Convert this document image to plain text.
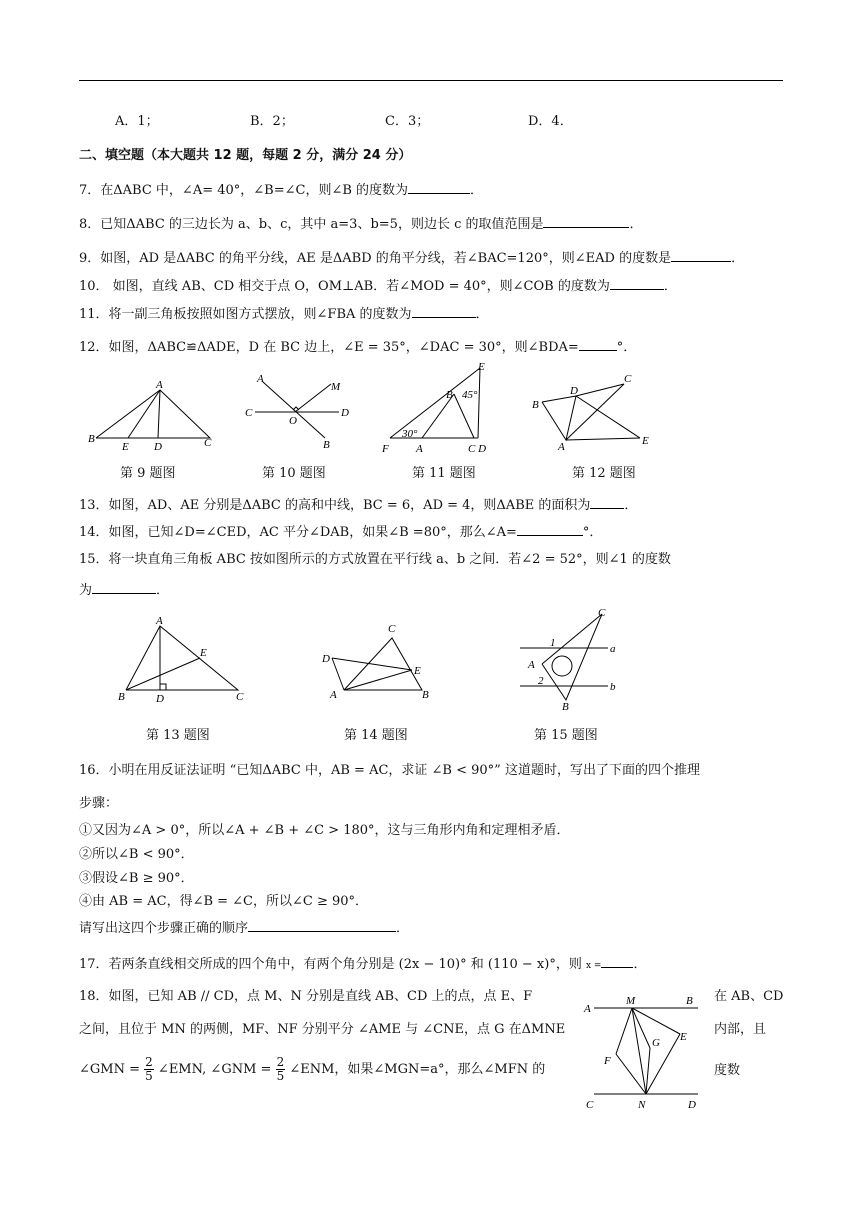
A．1；	B．2；	C．3；	D．4．
二、填空题（本大题共 12 题，每题 2 分，满分 24 分）
7．在ΔABC 中，∠A= 40°，∠B=∠C，则∠B 的度数为	．
8．已知ΔABC 的三边长为 a、b、c，其中 a=3、b=5，则边长 c 的取值范围是	．
9．如图，AD 是ΔABC 的角平分线，AE 是ΔABD 的角平分线，若∠BAC=120°，则∠EAD 的度数是	．
10． 如图，直线 AB、CD 相交于点 O，OM⊥AB．若∠MOD = 40°，则∠COB 的度数为	．
11．将一副三角板按照如图方式摆放，则∠FBA 的度数为	．
12．如图，ΔABC≌ΔADE，D 在 BC 边上，∠E = 35°，∠DAC = 30°，则∠BDA=	°．
A
B
E D	C
A
M
C
O
D
B
E
B 45°
30°
F A	C D
D
C
B
A	E
第 9 题图	第 10 题图	第 11 题图	第 12 题图
13．如图，AD、AE 分别是ΔABC 的高和中线，BC = 6，AD = 4，则ΔABE 的面积为	．
14．如图，已知∠D=∠CED，AC 平分∠DAB，如果∠B =80°，那么∠A=	°．
15．将一块直角三角板 ABC 按如图所示的方式放置在平行线 a、b 之间．若∠2 = 52°，则∠1 的度数
为	．
A
E
B	D	C
C
D
E
A	B
C
1	a
A
2	b
B
第 13 题图	第 14 题图	第 15 题图
16．小明在用反证法证明 “已知ΔABC 中，AB = AC，求证 ∠B < 90°” 这道题时，写出了下面的四个推理
步骤：
①又因为∠A > 0°，所以∠A + ∠B + ∠C > 180°，这与三角形内角和定理相矛盾．
②所以∠B < 90°．
③假设∠B ≥ 90°．
④由 AB = AC，得∠B = ∠C，所以∠C ≥ 90°．
请写出这四个步骤正确的顺序	．
17．若两条直线相交所成的四个角中，有两个角分别是 (2x − 10)° 和 (110 − x)°，则 x = ．
18．如图，已知 AB // CD，点 M、N 分别是直线 AB、CD 上的点，点 E、F	在 AB、CD
之间，且位于 MN 的两侧，MF、NF 分别平分 ∠AME 与 ∠CNE，点 G 在ΔMNE	内部，且
∠GMN = $\frac{2}{5}$ ∠EMN, ∠GNM = $\frac{2}{5}$ ∠ENM，如果∠MGN=a°，那么∠MFN 的	度数
A
M	B
G E
F
C	N	D
